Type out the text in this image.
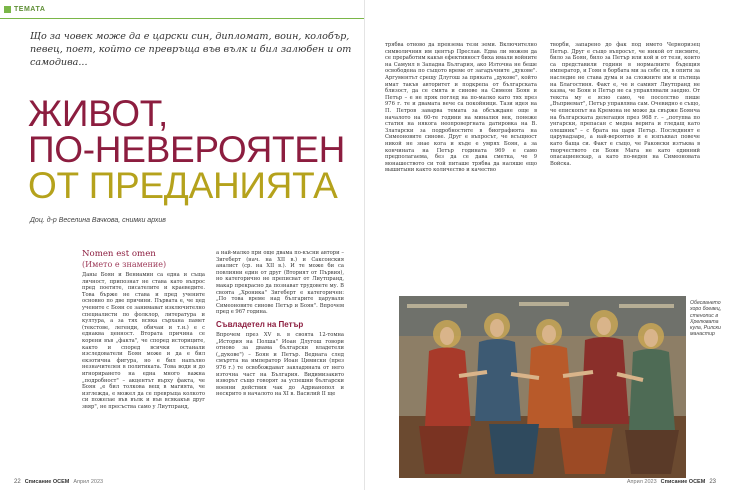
ТЕМАТА
Що за човек може да е царски син, дипломат, воин, колобър, певец, поет, който се превръща във вълк и бил залюбен и от самодива...
ЖИВОТ,
ПО-НЕВЕРОЯТЕН
ОТ ПРЕДАНИЯТА
Доц. д-р Веселина Вачкова, снимки архив
Nomen est omen
(Името е знамение)

Даны Боян и Вениамин са една и съща личност, припознат не става като въпрос пред поетите, писателите и краеведите. Това бърже не става и пред учените основно по две причини. Първата е, че цед учените с Боян се занимават изключително специалисти по фолклор, литература и култура, а за тях всяка сърхана памет (текстове, легенди, обичаи и т.н.) е с еднаква ценност. Втората причина се корени във „фактa", че според историците, както и според всички останали изследователи Боян може и да е бил екзотична фигура, но е бил напълно незначителен в политиката. Това води и до игнорирането на една много важна „подробност" – акцентът върху факта, че Боян „е бил толкова вещ в магията, че изглежда, е можел да се превръща колкото си пожелае във вълк и във всякакъв друг звяр", не пресъства само у Лиутпранд,

а най-малко при още двама по-късни автори – Зигеберт (нач. на XII в.) и Саксонския аналист (ср. на XII в.). И те може би са повлияни един от друг (Вторият от Първия), но категорично не преписват от Лиутпранд, макар прекрасно да познават трудовете му. В своята „Хроника" Зигеберт е категоричен: „По това време над българите царували Симеоновите синове Петър и Боян". Впрочем пред е 967 година.

Съвладетел на Петър

Впрочем през XV в. в своята 12-томна „История на Полша" Иоан Длугош говори отново за двама български владетели („дукове") – Боян и Петър. Веднага след смъртта на император Иоан Цимиски (през 976 г.) те освобождават завладяната от него източна част на България. Видимизакито изворът също говорят за успешни български военни действия чак до Адрианопол и нескрито в началото на XI в. Василий II ще

22 Списание ОСЕМ Април 2023

трябва отново да превзема тези земи. Включително символичния им център Преслав. Едва ли можем да се преработим какъв ефективност биха имали войните на Самуил в Западна България, ако Източна не беше освободена по същото време от загадъчните „дукове". Аргументът срещу Длугош за пряката „дукове", който имат такъв авторитет и подкрепа от българската близост, да се смята и синове на Симеон Боян и Петър – е не пряк поглед на по-малко като тях през 976 г. те и двамата вече са покойници. Тази идея на П. Петров заварва темата за обсъждане още в началото на 60-те години на миналия век, понеже статия на някога неопровергната датировка на В. Златарски за подробностите в биографията на Симеоновите синове. Друг е въпросът, че всъщност никой не знае кога и къде е умрях Боян, а за кончината на Петър годината 969 е само предполагаема, без да се дава сметка, че 9 монашеството си той питаше трябва да наляше ещо вышитыни както количество и качество

творби, запарено до фак под името Черноризец Петър. Друг е също въпросът, че никой от писмите, било за Боян, било за Петър или кой и от тези, които са представили години в нормалните бъдещия император, и Гоян в борбата ми за себе си, в опити за наследие не става дума и за сложните им и пътища на Благостиня. Факт е, че и самият Лиутпранд не казва, че Боян и Петър не са управлявали заедно. От текста му е ясно само, че посолство пише „Въприемат", Петър управлява сам. Очевидно е също, че епископът на Кремона не може да свърже Боянча на българската делегация през 968 г. – „потупва по унгарски, препасан с медна верига и гледащ като олешник" – с брата на царя Петър. Последният е царувадзаре, а най-вероятно и е изпъквал повече като баща си. Факт е също, че Раковски изтъква в творчеството си Боян Мага не като единний опасациенскар, а като по-веден на Симеоновата Войска.

Обесването хоро боевец, стенопис в Хрелювата кула, Рилски манастир
Април 2023 Списание ОСЕМ 23
